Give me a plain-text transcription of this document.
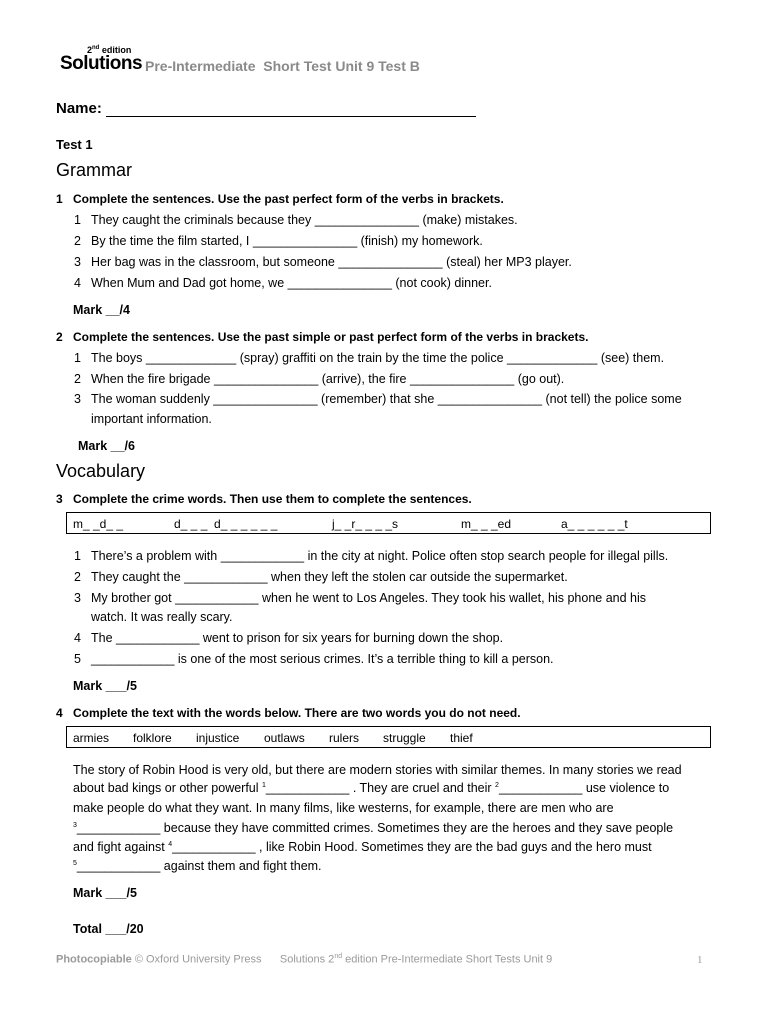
2nd edition
Solutions Pre-Intermediate  Short Test Unit 9 Test B
Name:
Test 1
Grammar
1 Complete the sentences. Use the past perfect form of the verbs in brackets.
1 They caught the criminals because they _______________ (make) mistakes.
2 By the time the film started, I _______________ (finish) my homework.
3 Her bag was in the classroom, but someone _______________ (steal) her MP3 player.
4 When Mum and Dad got home, we _______________ (not cook) dinner.
Mark __/4
2 Complete the sentences. Use the past simple or past perfect form of the verbs in brackets.
1 The boys _____________ (spray) graffiti on the train by the time the police _____________ (see) them.
2 When the fire brigade _______________ (arrive), the fire _______________ (go out).
3 The woman suddenly _______________ (remember) that she _______________ (not tell) the police some
important information.
Mark __/6
Vocabulary
3 Complete the crime words. Then use them to complete the sentences.
m_ _d_ _	d_ _ _  d_ _ _ _ _ _	j_ _r_ _ _ _s	m_ _ _ed	a_ _ _ _ _ _t
1 There’s a problem with ____________ in the city at night. Police often stop search people for illegal pills.
2 They caught the ____________ when they left the stolen car outside the supermarket.
3 My brother got ____________ when he went to Los Angeles. They took his wallet, his phone and his
watch. It was really scary.
4 The ____________ went to prison for six years for burning down the shop.
5 ____________ is one of the most serious crimes. It’s a terrible thing to kill a person.
Mark ___/5
4 Complete the text with the words below. There are two words you do not need.
armies folklore injustice outlaws rulers struggle thief
The story of Robin Hood is very old, but there are modern stories with similar themes. In many stories we read
about bad kings or other powerful $^1$____________ . They are cruel and their $^2$____________ use violence to
make people do what they want. In many films, like westerns, for example, there are men who are
$^3$____________ because they have committed crimes. Sometimes they are the heroes and they save people
and fight against $^4$____________ , like Robin Hood. Sometimes they are the bad guys and the hero must
$^5$____________ against them and fight them.
Mark ___/5
Total ___/20
Photocopiable © Oxford University Press Solutions 2nd edition Pre-Intermediate Short Tests Unit 9	1
